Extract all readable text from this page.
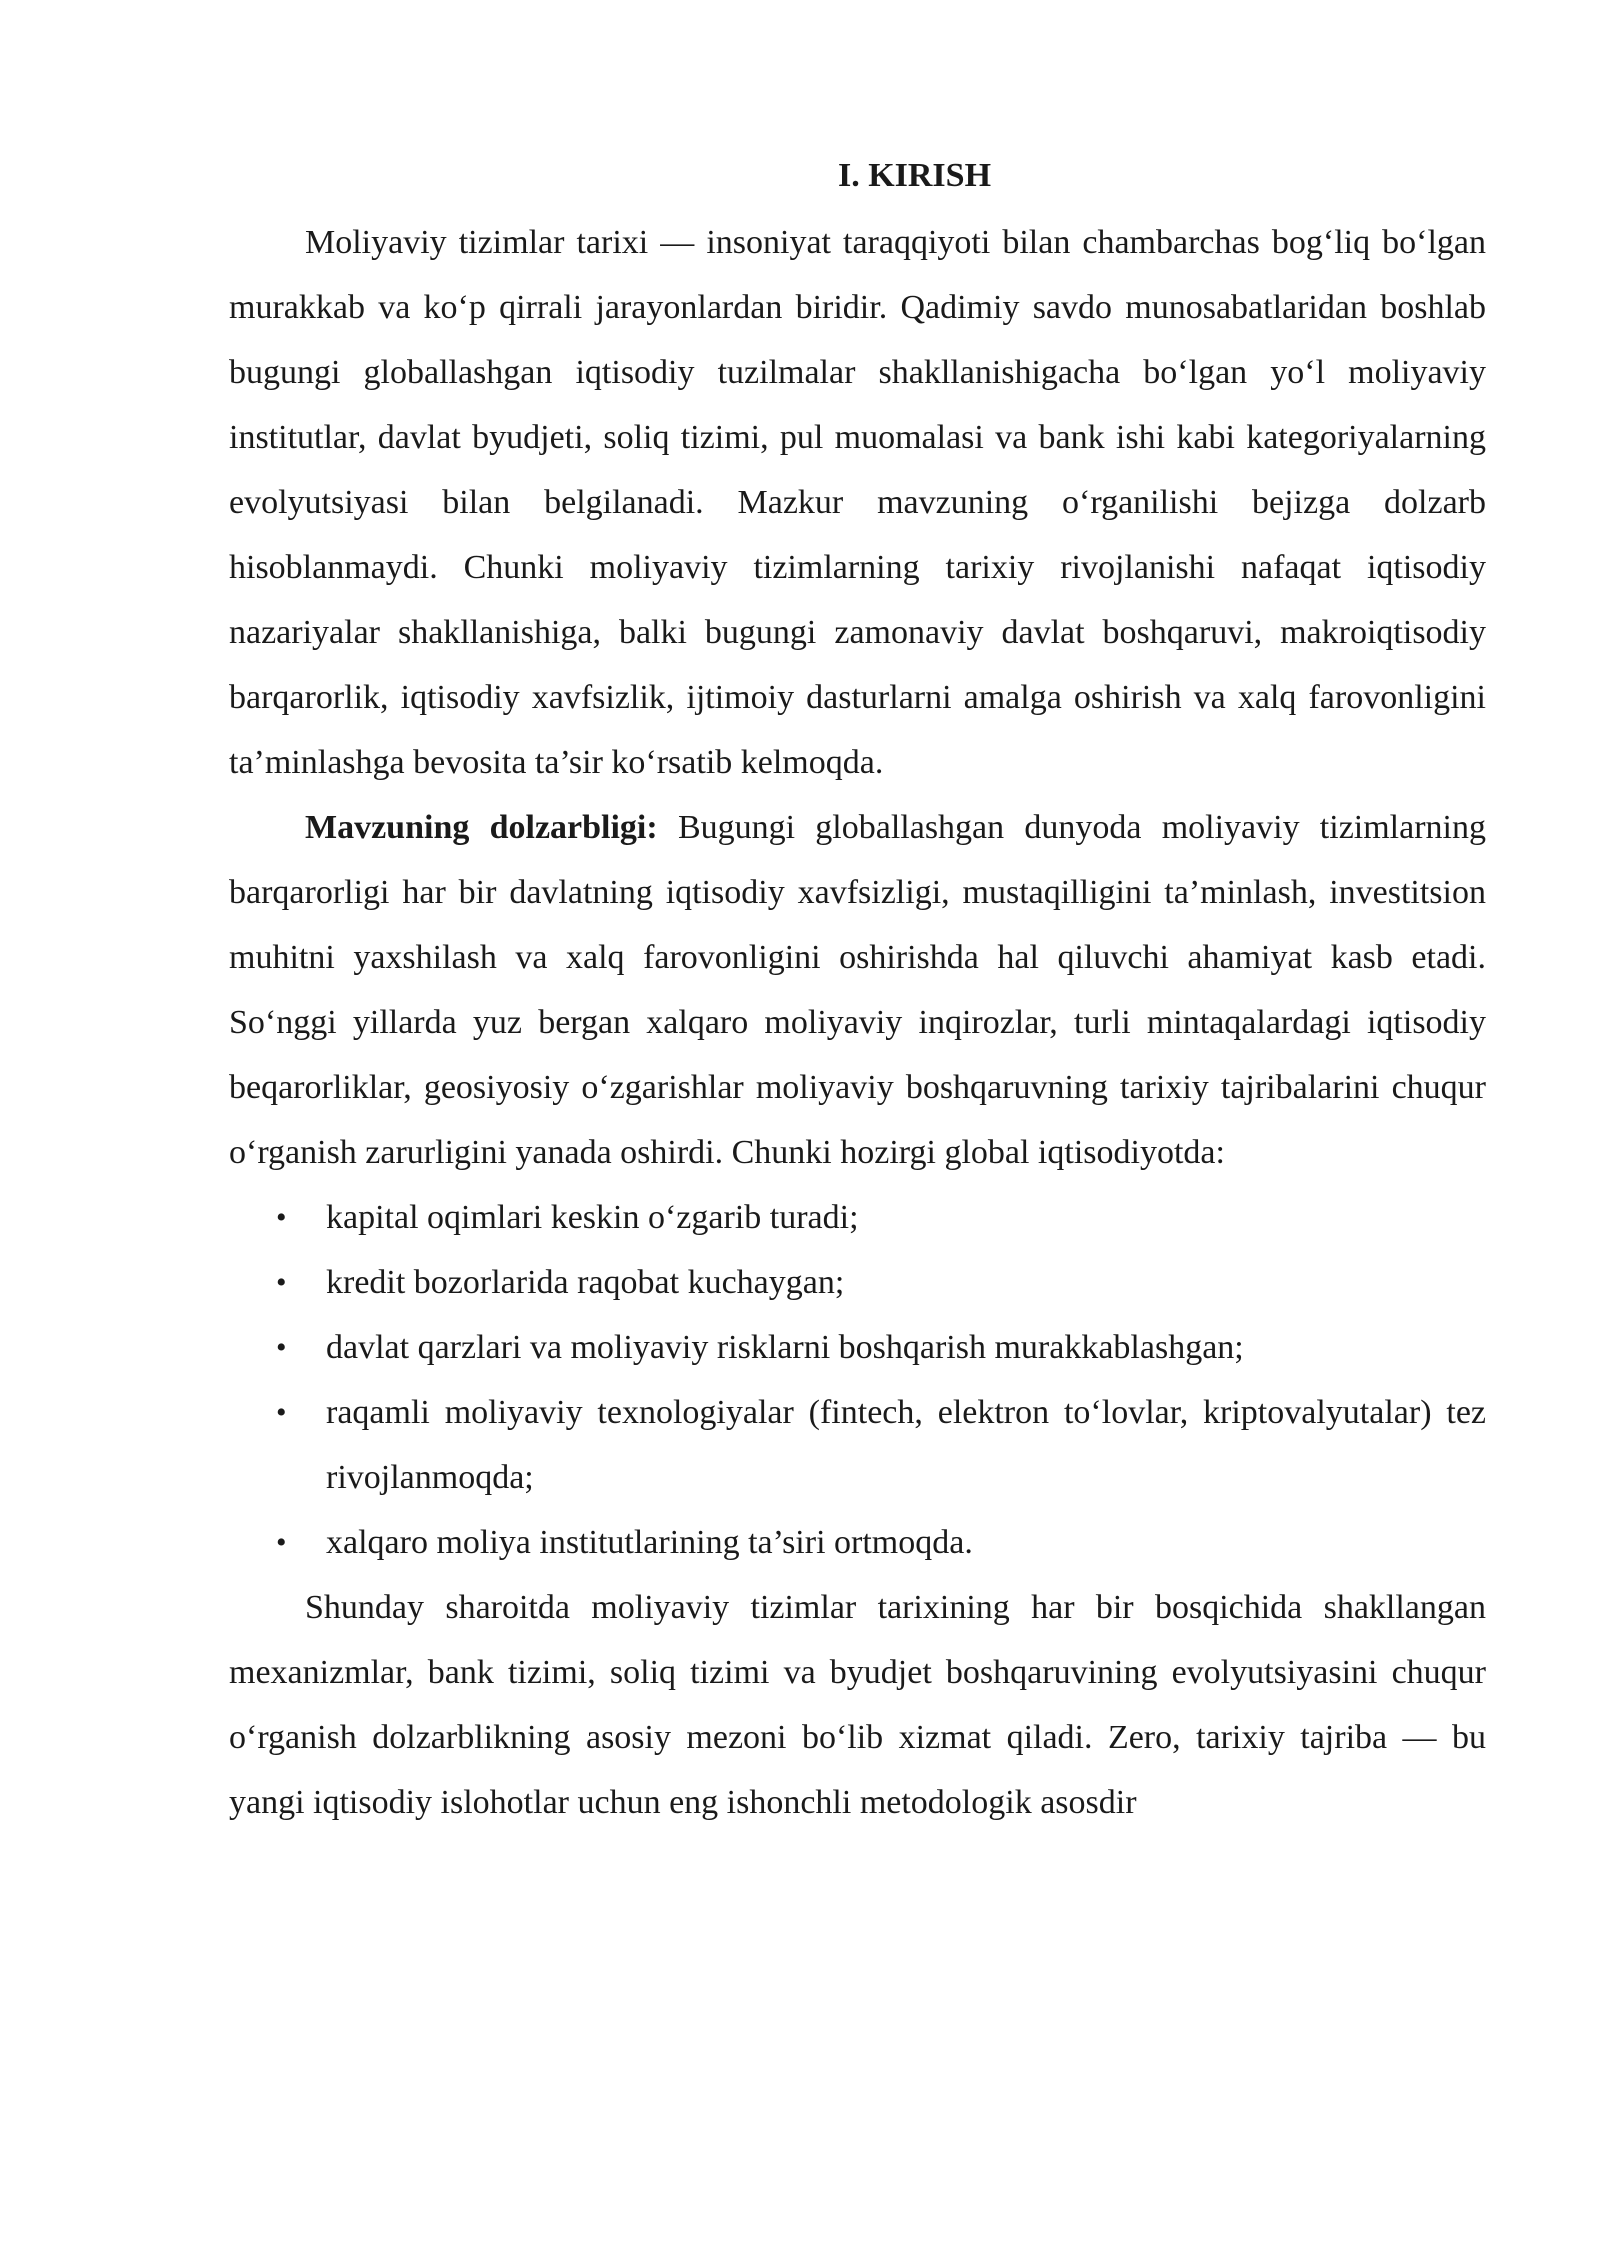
I. KIRISH

Moliyaviy tizimlar tarixi — insoniyat taraqqiyoti bilan chambarchas bog‘liq bo‘lgan murakkab va ko‘p qirrali jarayonlardan biridir. Qadimiy savdo munosabatlaridan boshlab bugungi globallashgan iqtisodiy tuzilmalar shakllanishigacha bo‘lgan yo‘l moliyaviy institutlar, davlat byudjeti, soliq tizimi, pul muomalasi va bank ishi kabi kategoriyalarning evolyutsiyasi bilan belgilanadi. Mazkur mavzuning o‘rganilishi bejizga dolzarb hisoblanmaydi. Chunki moliyaviy tizimlarning tarixiy rivojlanishi nafaqat iqtisodiy nazariyalar shakllanishiga, balki bugungi zamonaviy davlat boshqaruvi, makroiqtisodiy barqarorlik, iqtisodiy xavfsizlik, ijtimoiy dasturlarni amalga oshirish va xalq farovonligini ta’minlashga bevosita ta’sir ko‘rsatib kelmoqda.

Mavzuning dolzarbligi: Bugungi globallashgan dunyoda moliyaviy tizimlarning barqarorligi har bir davlatning iqtisodiy xavfsizligi, mustaqilligini ta’minlash, investitsion muhitni yaxshilash va xalq farovonligini oshirishda hal qiluvchi ahamiyat kasb etadi. So‘nggi yillarda yuz bergan xalqaro moliyaviy inqirozlar, turli mintaqalardagi iqtisodiy beqarorliklar, geosiyosiy o‘zgarishlar moliyaviy boshqaruvning tarixiy tajribalarini chuqur o‘rganish zarurligini yanada oshirdi. Chunki hozirgi global iqtisodiyotda:

• kapital oqimlari keskin o‘zgarib turadi;
• kredit bozorlarida raqobat kuchaygan;
• davlat qarzlari va moliyaviy risklarni boshqarish murakkablashgan;
• raqamli moliyaviy texnologiyalar (fintech, elektron to‘lovlar, kriptovalyutalar) tez rivojlanmoqda;
• xalqaro moliya institutlarining ta’siri ortmoqda.

Shunday sharoitda moliyaviy tizimlar tarixining har bir bosqichida shakllangan mexanizmlar, bank tizimi, soliq tizimi va byudjet boshqaruvining evolyutsiyasini chuqur o‘rganish dolzarblikning asosiy mezoni bo‘lib xizmat qiladi. Zero, tarixiy tajriba — bu yangi iqtisodiy islohotlar uchun eng ishonchli metodologik asosdir
